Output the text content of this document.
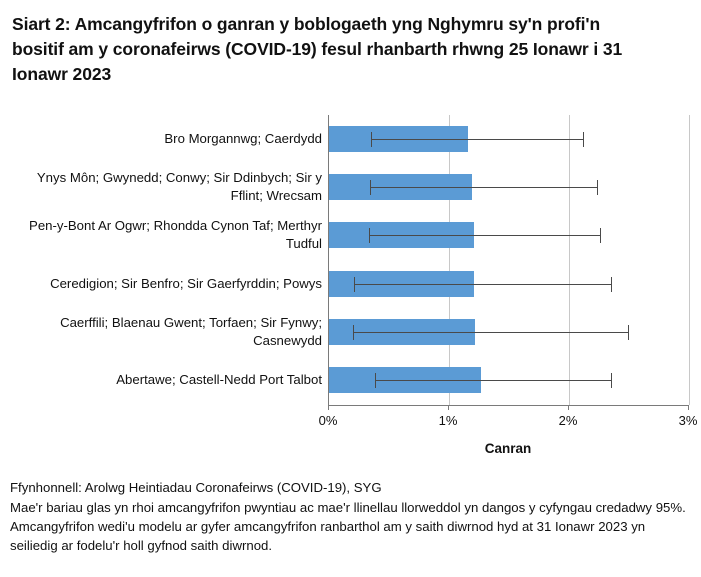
Siart 2: Amcangyfrifon o ganran y boblogaeth yng Nghymru sy'n profi'n bositif am y coronafeirws (COVID-19) fesul rhanbarth rhwng 25 Ionawr i 31 Ionawr 2023
Bro Morgannwg; Caerdydd
Ynys Môn; Gwynedd; Conwy; Sir Ddinbych; Sir y Fflint; Wrecsam
Pen-y-Bont Ar Ogwr; Rhondda Cynon Taf; Merthyr Tudful
Ceredigion; Sir Benfro; Sir Gaerfyrddin; Powys
Caerffili; Blaenau Gwent; Torfaen; Sir Fynwy; Casnewydd
Abertawe; Castell-Nedd Port Talbot
0%	1%	2%	3%
Canran

Ffynhonnell: Arolwg Heintiadau Coronafeirws (COVID-19), SYG

Mae'r bariau glas yn rhoi amcangyfrifon pwyntiau ac mae'r llinellau llorweddol yn dangos y cyfyngau credadwy 95%. Amcangyfrifon wedi'u modelu ar gyfer amcangyfrifon ranbarthol am y saith diwrnod hyd at 31 Ionawr 2023 yn seiliedig ar fodelu'r holl gyfnod saith diwrnod.
